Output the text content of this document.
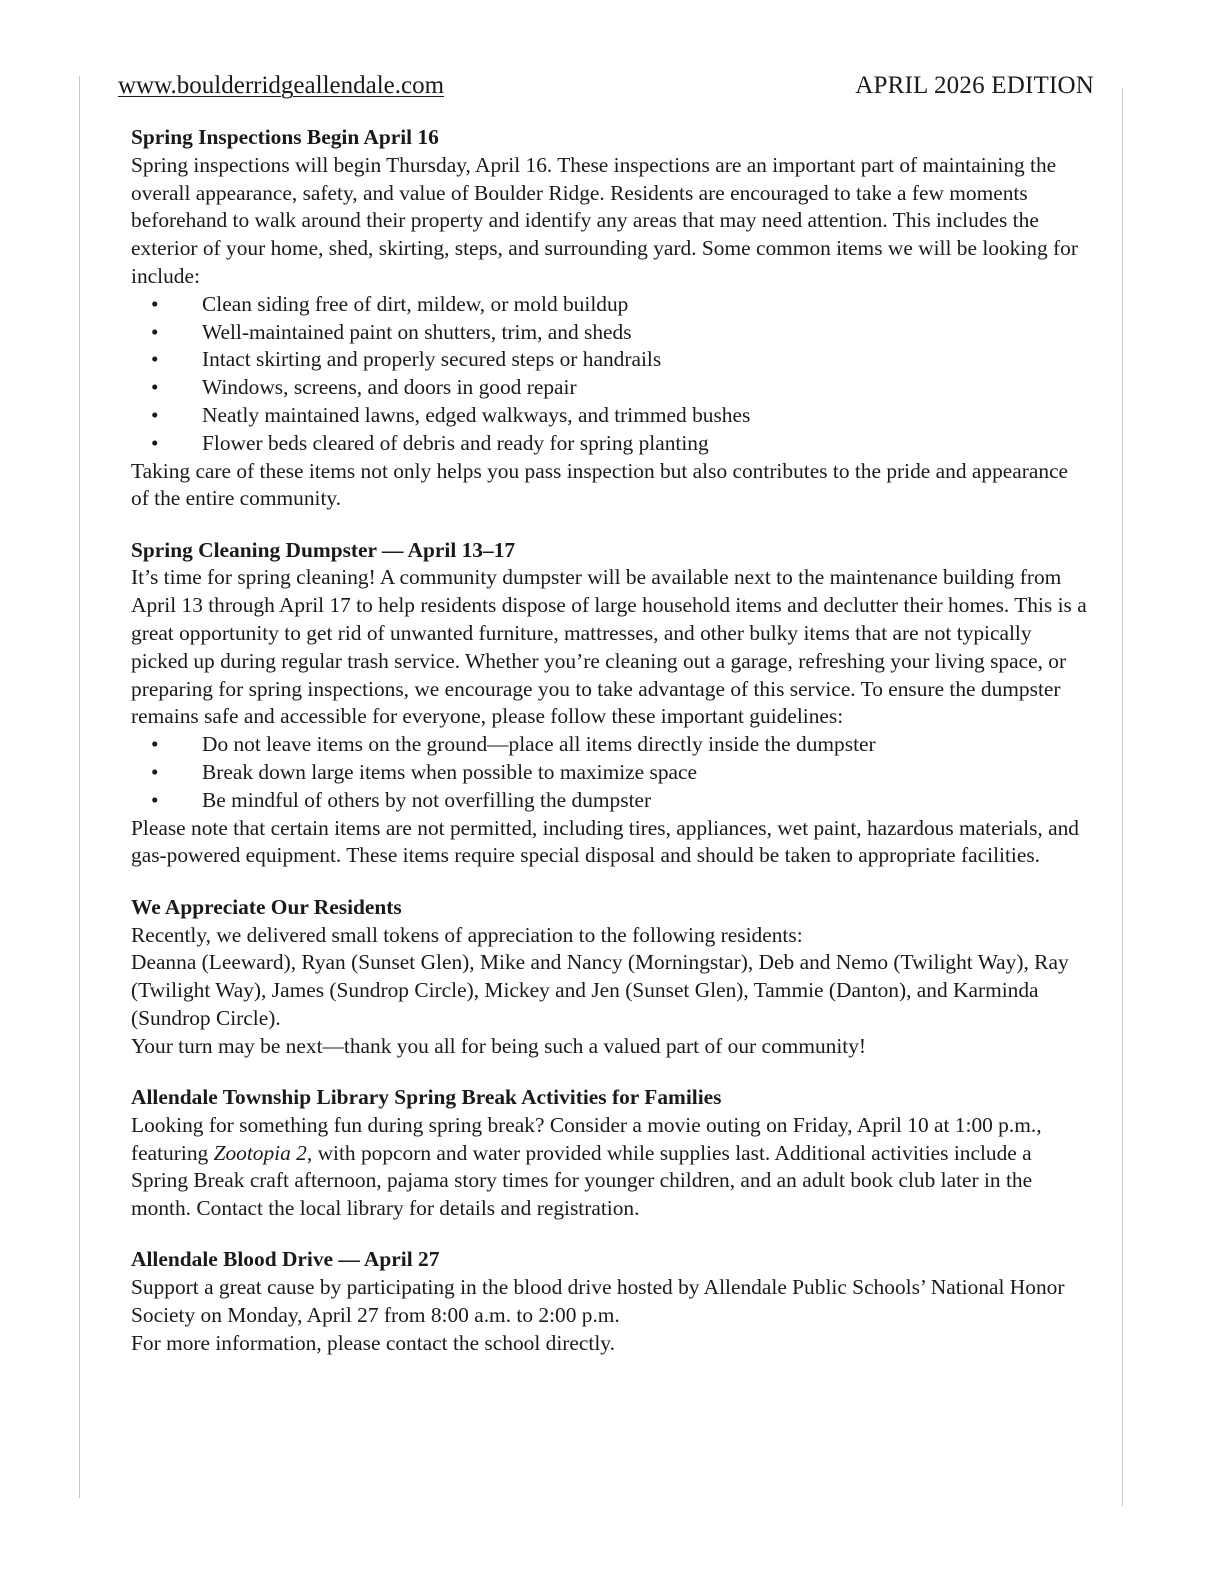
www.boulderridgeallendale.com	APRIL 2026 EDITION
Spring Inspections Begin April 16

Spring inspections will begin Thursday, April 16. These inspections are an important part of maintaining the overall appearance, safety, and value of Boulder Ridge. Residents are encouraged to take a few moments beforehand to walk around their property and identify any areas that may need attention. This includes the exterior of your home, shed, skirting, steps, and surrounding yard. Some common items we will be looking for include:

• Clean siding free of dirt, mildew, or mold buildup
• Well-maintained paint on shutters, trim, and sheds
• Intact skirting and properly secured steps or handrails
• Windows, screens, and doors in good repair
• Neatly maintained lawns, edged walkways, and trimmed bushes
• Flower beds cleared of debris and ready for spring planting

Taking care of these items not only helps you pass inspection but also contributes to the pride and appearance of the entire community.

Spring Cleaning Dumpster — April 13–17

It’s time for spring cleaning! A community dumpster will be available next to the maintenance building from April 13 through April 17 to help residents dispose of large household items and declutter their homes. This is a great opportunity to get rid of unwanted furniture, mattresses, and other bulky items that are not typically picked up during regular trash service. Whether you’re cleaning out a garage, refreshing your living space, or preparing for spring inspections, we encourage you to take advantage of this service. To ensure the dumpster remains safe and accessible for everyone, please follow these important guidelines:

• Do not leave items on the ground—place all items directly inside the dumpster
• Break down large items when possible to maximize space
• Be mindful of others by not overfilling the dumpster

Please note that certain items are not permitted, including tires, appliances, wet paint, hazardous materials, and gas-powered equipment. These items require special disposal and should be taken to appropriate facilities.

We Appreciate Our Residents

Recently, we delivered small tokens of appreciation to the following residents:

Deanna (Leeward), Ryan (Sunset Glen), Mike and Nancy (Morningstar), Deb and Nemo (Twilight Way), Ray (Twilight Way), James (Sundrop Circle), Mickey and Jen (Sunset Glen), Tammie (Danton), and Karminda (Sundrop Circle).

Your turn may be next—thank you all for being such a valued part of our community!

Allendale Township Library Spring Break Activities for Families

Looking for something fun during spring break? Consider a movie outing on Friday, April 10 at 1:00 p.m., featuring Zootopia 2, with popcorn and water provided while supplies last. Additional activities include a Spring Break craft afternoon, pajama story times for younger children, and an adult book club later in the month. Contact the local library for details and registration.

Allendale Blood Drive — April 27

Support a great cause by participating in the blood drive hosted by Allendale Public Schools’ National Honor Society on Monday, April 27 from 8:00 a.m. to 2:00 p.m.

For more information, please contact the school directly.
